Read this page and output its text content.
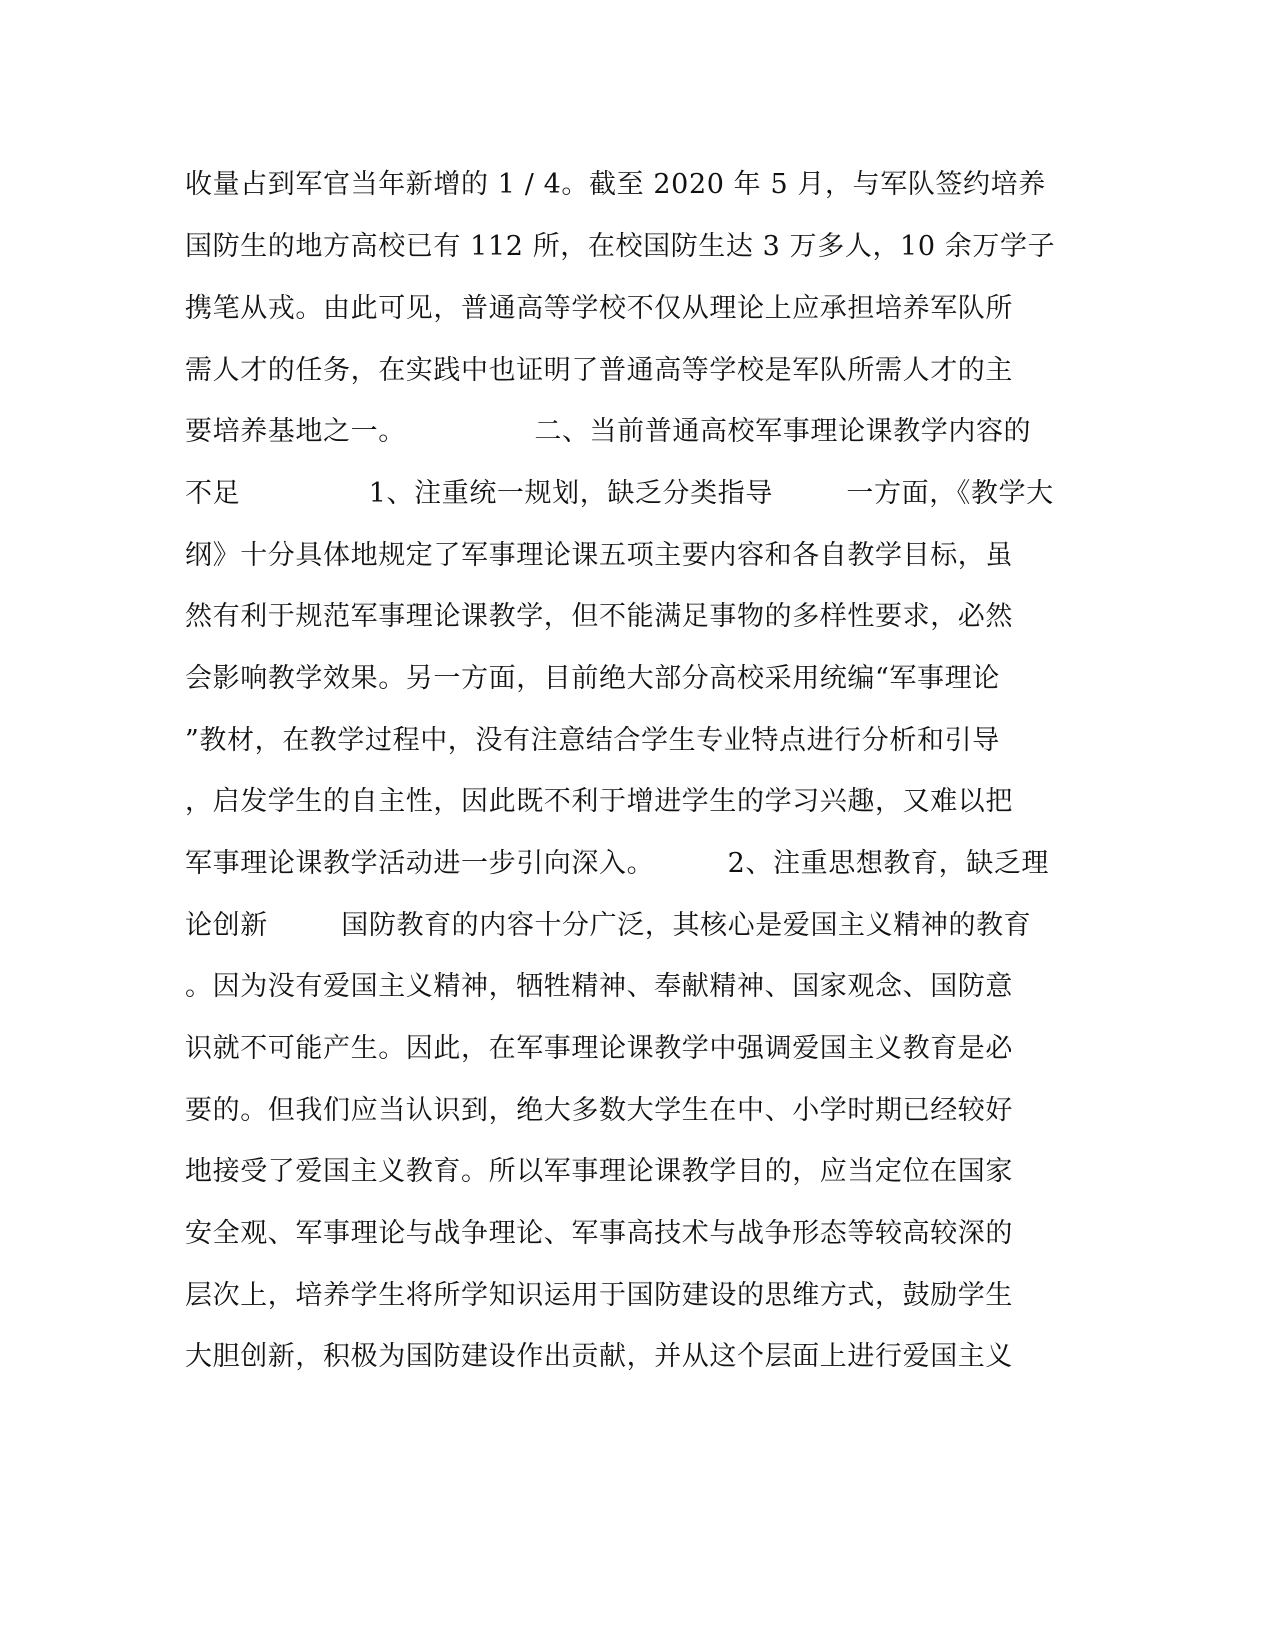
收量占到军官当年新增的 1 / 4。截至 2020 年 5 月，与军队签约培养
国防生的地方高校已有 112 所，在校国防生达 3 万多人，10 余万学子
携笔从戎。由此可见，普通高等学校不仅从理论上应承担培养军队所
需人才的任务，在实践中也证明了普通高等学校是军队所需人才的主
要培养基地之一。              二、当前普通高校军事理论课教学内容的
不足              1、注重统一规划，缺乏分类指导        一方面，《教学大
纲》十分具体地规定了军事理论课五项主要内容和各自教学目标，虽
然有利于规范军事理论课教学，但不能满足事物的多样性要求，必然
会影响教学效果。另一方面，目前绝大部分高校采用统编“军事理论
”教材，在教学过程中，没有注意结合学生专业特点进行分析和引导
，启发学生的自主性，因此既不利于增进学生的学习兴趣，又难以把
军事理论课教学活动进一步引向深入。        2、注重思想教育，缺乏理
论创新        国防教育的内容十分广泛，其核心是爱国主义精神的教育
。因为没有爱国主义精神，牺牲精神、奉献精神、国家观念、国防意
识就不可能产生。因此，在军事理论课教学中强调爱国主义教育是必
要的。但我们应当认识到，绝大多数大学生在中、小学时期已经较好
地接受了爱国主义教育。所以军事理论课教学目的，应当定位在国家
安全观、军事理论与战争理论、军事高技术与战争形态等较高较深的
层次上，培养学生将所学知识运用于国防建设的思维方式，鼓励学生
大胆创新，积极为国防建设作出贡献，并从这个层面上进行爱国主义
